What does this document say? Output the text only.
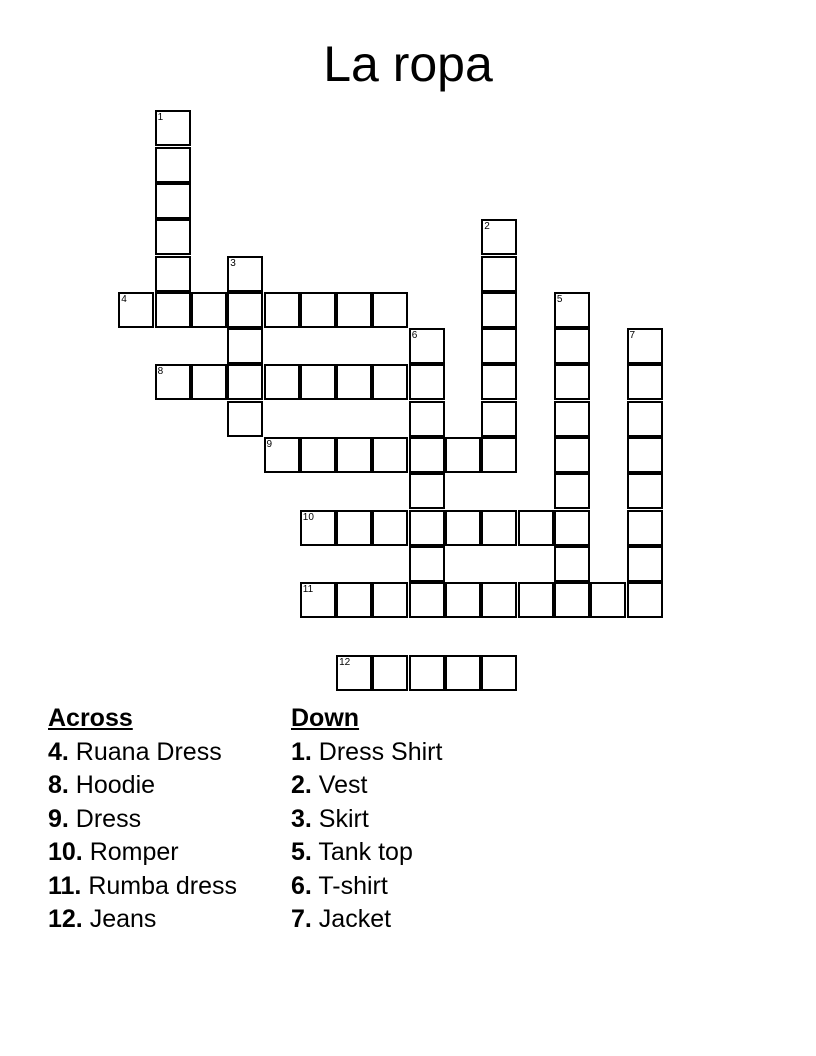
La ropa
1
2
3
4	5
6	7
8
9
10
11
12
Across
4. Ruana Dress
8. Hoodie
9. Dress
10. Romper
11. Rumba dress
12. Jeans
Down
1. Dress Shirt
2. Vest
3. Skirt
5. Tank top
6. T-shirt
7. Jacket
